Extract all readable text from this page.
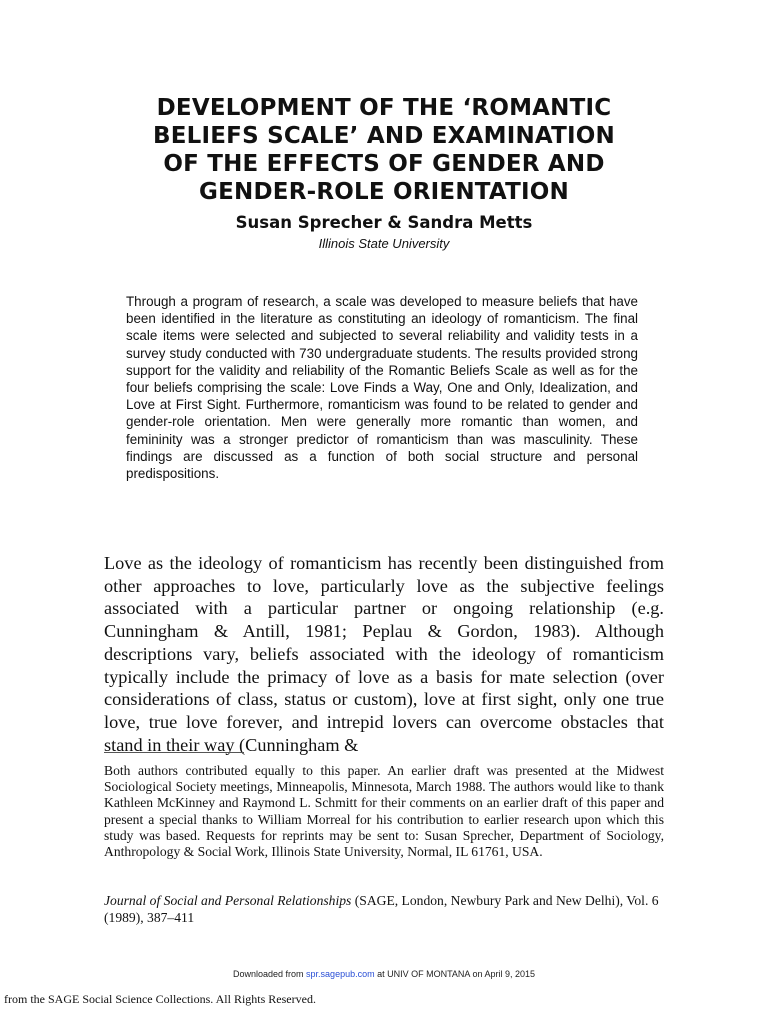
DEVELOPMENT OF THE ‘ROMANTIC
BELIEFS SCALE’ AND EXAMINATION
OF THE EFFECTS OF GENDER AND
GENDER-ROLE ORIENTATION

Susan Sprecher & Sandra Metts

Illinois State University

Through a program of research, a scale was developed to measure beliefs that have been identified in the literature as constituting an ideology of romanticism. The final scale items were selected and subjected to several reliability and validity tests in a survey study conducted with 730 undergraduate students. The results provided strong support for the validity and reliability of the Romantic Beliefs Scale as well as for the four beliefs comprising the scale: Love Finds a Way, One and Only, Idealization, and Love at First Sight. Furthermore, romanticism was found to be related to gender and gender-role orientation. Men were generally more romantic than women, and femininity was a stronger predictor of romanticism than was masculinity. These findings are discussed as a function of both social structure and personal predispositions.

Love as the ideology of romanticism has recently been distinguished from other approaches to love, particularly love as the subjective feelings associated with a particular partner or ongoing relationship (e.g. Cunningham & Antill, 1981; Peplau & Gordon, 1983). Although descriptions vary, beliefs associated with the ideology of romanticism typically include the primacy of love as a basis for mate selection (over considerations of class, status or custom), love at first sight, only one true love, true love forever, and intrepid lovers can overcome obstacles that stand in their way (Cunningham &

Both authors contributed equally to this paper. An earlier draft was presented at the Midwest Sociological Society meetings, Minneapolis, Minnesota, March 1988. The authors would like to thank Kathleen McKinney and Raymond L. Schmitt for their comments on an earlier draft of this paper and present a special thanks to William Morreal for his contribution to earlier research upon which this study was based. Requests for reprints may be sent to: Susan Sprecher, Department of Sociology, Anthropology & Social Work, Illinois State University, Normal, IL 61761, USA.

Journal of Social and Personal Relationships (SAGE, London, Newbury Park and New Delhi), Vol. 6 (1989), 387–411

Downloaded from spr.sagepub.com at UNIV OF MONTANA on April 9, 2015

from the SAGE Social Science Collections. All Rights Reserved.
